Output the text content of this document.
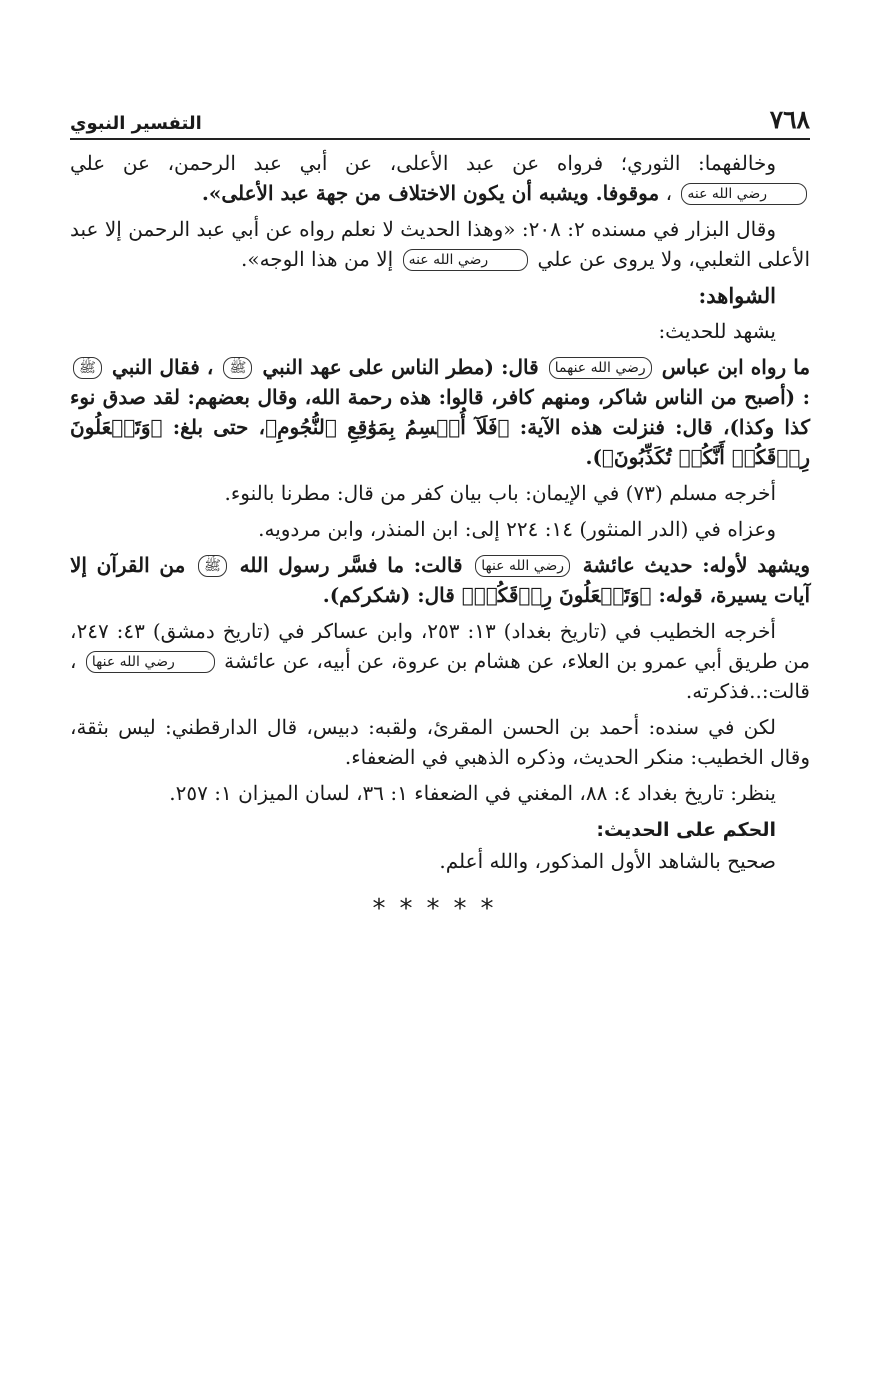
٧٦٨
التفسير النبوي

وخالفهما: الثوري؛ فرواه عن عبد الأعلى، عن أبي عبد الرحمن، عن علي رضي الله عنه ، موقوفا. ويشبه أن يكون الاختلاف من جهة عبد الأعلى».

وقال البزار في مسنده ٢: ٢٠٨: «وهذا الحديث لا نعلم رواه عن أبي عبد الرحمن إلا عبد الأعلى الثعلبي، ولا يروى عن علي رضي الله عنه إلا من هذا الوجه».

الشواهد:

يشهد للحديث:

ما رواه ابن عباس رضي الله عنهما قال: (مطر الناس على عهد النبي ﷺ ، فقال النبي ﷺ : (أصبح من الناس شاكر، ومنهم كافر، قالوا: هذه رحمة الله، وقال بعضهم: لقد صدق نوء كذا وكذا)، قال: فنزلت هذه الآية: ﴿فَلَآ أُقۡسِمُ بِمَوَٰقِعِ ٱلنُّجُومِ﴾، حتى بلغ: ﴿وَتَجۡعَلُونَ رِزۡقَكُمۡ أَنَّكُمۡ تُكَذِّبُونَ﴾).

أخرجه مسلم (٧٣) في الإيمان: باب بيان كفر من قال: مطرنا بالنوء.

وعزاه في (الدر المنثور) ١٤: ٢٢٤ إلى: ابن المنذر، وابن مردويه.

ويشهد لأوله: حديث عائشة رضي الله عنها قالت: ما فسَّر رسول الله ﷺ من القرآن إلا آيات يسيرة، قوله: ﴿وَتَجۡعَلُونَ رِزۡقَكُمۡ﴾ قال: (شكركم).

أخرجه الخطيب في (تاريخ بغداد) ١٣: ٢٥٣، وابن عساكر في (تاريخ دمشق) ٤٣: ٢٤٧، من طريق أبي عمرو بن العلاء، عن هشام بن عروة، عن أبيه، عن عائشة رضي الله عنها ، قالت:..فذكرته.

لكن في سنده: أحمد بن الحسن المقرئ، ولقبه: دبيس، قال الدارقطني: ليس بثقة، وقال الخطيب: منكر الحديث، وذكره الذهبي في الضعفاء.

ينظر: تاريخ بغداد ٤: ٨٨، المغني في الضعفاء ١: ٣٦، لسان الميزان ١: ٢٥٧.

الحكم على الحديث:

صحيح بالشاهد الأول المذكور، والله أعلم.

*****
